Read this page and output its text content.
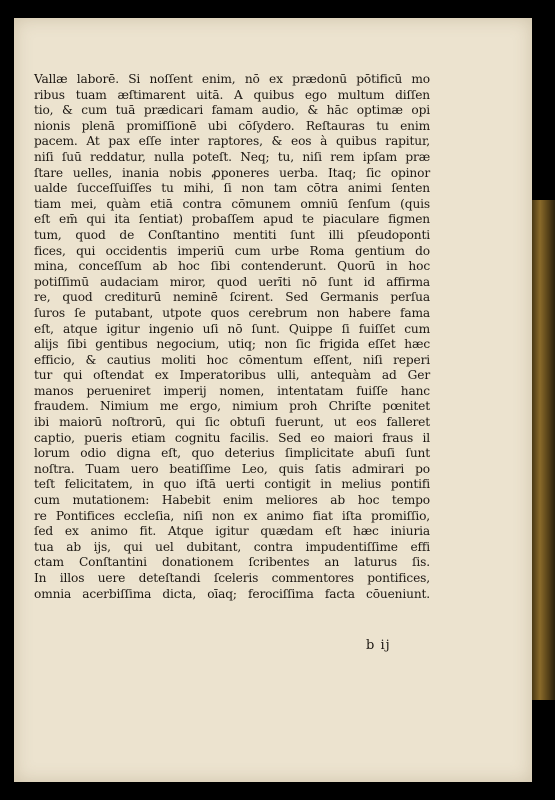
Vallæ laborē. Si noſſent enim, nō ex prædonū pōtificū mo
ribus tuam æſtimarent uitā. A quibus ego multum diſſen
tio, & cum tuā prædicari famam audio, & hāc optimæ opi
nionis plenā promiſſionē ubi cōſydero. Reſtauras tu enim
pacem. At pax eſſe inter raptores, & eos à quibus rapitur,
niſi ſuū reddatur, nulla poteſt. Neq; tu, niſi rem ipſam præ
ſtare uelles, inania nobis ꝓponeres uerba. Itaq; ſic opinor
ualde ſucceſſuiſſes tu mihi, ſi non tam cōtra animi ſenten
tiam mei, quàm etiā contra cōmunem omniū ſenſum (quis
eſt em̄ qui ita ſentiat) probaſſem apud te piaculare figmen
tum, quod de Conſtantino mentiti ſunt illi pſeudoponti
fices, qui occidentis imperiū cum urbe Roma gentium do
mina, conceſſum ab hoc ſibi contenderunt. Quorū in hoc
potiſſimū audaciam miror, quod uerīti nō ſunt id affirma
re, quod crediturū neminē ſcirent. Sed Germanis perſua
ſuros ſe putabant, utpote quos cerebrum non habere fama
eſt, atque igitur ingenio uſi nō ſunt. Quippe ſi fuiſſet cum
alijs ſibi gentibus negocium, utiq; non ſic frigida eſſet hæc
efficio, & cautius moliti hoc cōmentum eſſent, niſi reperi
tur qui oſtendat ex Imperatoribus ulli, antequàm ad Ger
manos perueniret imperij nomen, intentatam fuiſſe hanc
fraudem. Nimium me ergo, nimium proh Chriſte pœnitet
ibi maiorū noſtrorū, qui ſic obtuſi fuerunt, ut eos falleret
captio, pueris etiam cognitu facilis. Sed eo maiori fraus il
lorum odio digna eſt, quo deterius ſimplicitate abuſi ſunt
noſtra. Tuam uero beatiſſime Leo, quis ſatis admirari po
teſt felicitatem, in quo iſtā uerti contigit in melius pontifi
cum mutationem: Habebit enim meliores ab hoc tempo
re Pontifices eccleſia, niſi non ex animo fiat iſta promiſſio,
ſed ex animo fit. Atque igitur quædam eſt hæc iniuria
tua ab ijs, qui uel dubitant, contra impudentiſſime effi
ctam Conſtantini donationem ſcribentes an laturus ſis.
In illos uere deteſtandi ſceleris commentores pontifices,
omnia acerbiſſima dicta, oīaq; ferociſſima facta cōueniunt.
b ij
